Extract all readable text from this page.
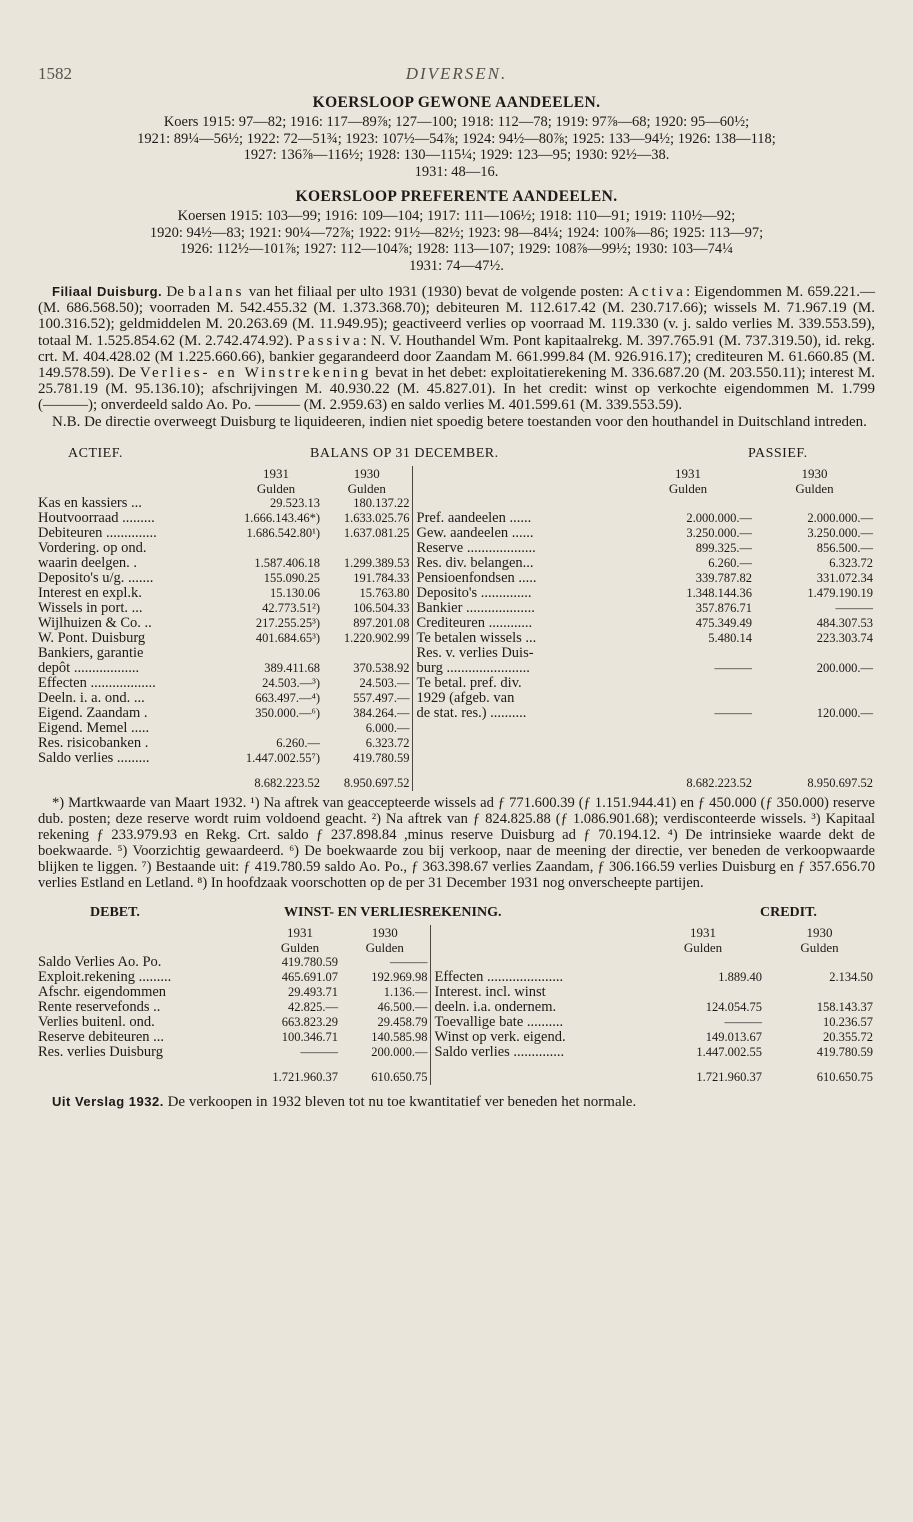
1582	DIVERSEN.
KOERSLOOP GEWONE AANDEELEN.
Koers 1915: 97—82; 1916: 117—89⅞; 127—100; 1918: 112—78; 1919: 97⅞—68; 1920: 95—60½;
1921: 89¼—56½; 1922: 72—51¾; 1923: 107½—54⅞; 1924: 94½—80⅞; 1925: 133—94½; 1926: 138—118;
1927: 136⅞—116½; 1928: 130—115¼; 1929: 123—95; 1930: 92½—38.
1931: 48—16.
KOERSLOOP PREFERENTE AANDEELEN.
Koersen 1915: 103—99; 1916: 109—104; 1917: 111—106½; 1918: 110—91; 1919: 110½—92;
1920: 94½—83; 1921: 90¼—72⅞; 1922: 91½—82½; 1923: 98—84¼; 1924: 100⅞—86; 1925: 113—97;
1926: 112½—101⅞; 1927: 112—104⅞; 1928: 113—107; 1929: 108⅞—99½; 1930: 103—74¼
1931: 74—47½.

Filiaal Duisburg. De balans van het filiaal per ulto 1931 (1930) bevat de volgende posten: Activa: Eigendommen M. 659.221.— (M. 686.568.50); voorraden M. 542.455.32 (M. 1.373.368.70); debiteuren M. 112.617.42 (M. 230.717.66); wissels M. 71.967.19 (M. 100.316.52); geldmiddelen M. 20.263.69 (M. 11.949.95); geactiveerd verlies op voorraad M. 119.330 (v. j. saldo verlies M. 339.553.59), totaal M. 1.525.854.62 (M. 2.742.474.92). Passiva: N. V. Houthandel Wm. Pont kapitaalrekg. M. 397.765.91 (M. 737.319.50), id. rekg. crt. M. 404.428.02 (M 1.225.660.66), bankier gegarandeerd door Zaandam M. 661.999.84 (M. 926.916.17); crediteuren M. 61.660.85 (M. 149.578.59). De Verlies- en Winstrekening bevat in het debet: exploitatierekening M. 336.687.20 (M. 203.550.11); interest M. 25.781.19 (M. 95.136.10); afschrijvingen M. 40.930.22 (M. 45.827.01). In het credit: winst op verkochte eigendommen M. 1.799 (———); onverdeeld saldo Ao. Po. ——— (M. 2.959.63) en saldo verlies M. 401.599.61 (M. 339.553.59).

N.B. De directie overweegt Duisburg te liquideeren, indien niet spoedig betere toestanden voor den houthandel in Duitschland intreden.

ACTIEF.	BALANS OP 31 DECEMBER.	PASSIEF.
	1931	1930		1931	1930
	Gulden	Gulden		Gulden	Gulden
Kas en kassiers ...	29.523.13	180.137.22			
Houtvoorraad .........	1.666.143.46*)	1.633.025.76	Pref. aandeelen ......	2.000.000.—	2.000.000.—
Debiteuren ..............	1.686.542.80¹)	1.637.081.25	Gew. aandeelen ......	3.250.000.—	3.250.000.—
Vordering. op ond.			Reserve ...................	899.325.—	856.500.—
waarin deelgen. .	1.587.406.18	1.299.389.53	Res. div. belangen...	6.260.—	6.323.72
Deposito's u/g. .......	155.090.25	191.784.33	Pensioenfondsen .....	339.787.82	331.072.34
Interest en expl.k.	15.130.06	15.763.80	Deposito's ..............	1.348.144.36	1.479.190.19
Wissels in port. ...	42.773.51²)	106.504.33	Bankier ...................	357.876.71	———
Wijlhuizen & Co. ..	217.255.25³)	897.201.08	Crediteuren ............	475.349.49	484.307.53
W. Pont. Duisburg	401.684.65³)	1.220.902.99	Te betalen wissels ...	5.480.14	223.303.74
Bankiers, garantie			Res. v. verlies Duis-		
depôt ..................	389.411.68	370.538.92	burg .......................	———	200.000.—
Effecten ..................	24.503.—³)	24.503.—	Te betal. pref. div.		
Deeln. i. a. ond. ...	663.497.—⁴)	557.497.—	1929 (afgeb. van		
Eigend. Zaandam .	350.000.—⁶)	384.264.—	de stat. res.) ..........	———	120.000.—
Eigend. Memel .....		6.000.—			
Res. risicobanken .	6.260.—	6.323.72			
Saldo verlies .........	1.447.002.55⁷)	419.780.59			

	8.682.223.52	8.950.697.52		8.682.223.52	8.950.697.52

*) Martkwaarde van Maart 1932. ¹) Na aftrek van geaccepteerde wissels ad ƒ 771.600.39 (ƒ 1.151.944.41) en ƒ 450.000 (ƒ 350.000) reserve dub. posten; deze reserve wordt ruim voldoend geacht. ²) Na aftrek van ƒ 824.825.88 (ƒ 1.086.901.68); verdisconteerde wissels. ³) Kapitaal rekening ƒ 233.979.93 en Rekg. Crt. saldo ƒ 237.898.84 ,minus reserve Duisburg ad ƒ 70.194.12. ⁴) De intrinsieke waarde dekt de boekwaarde. ⁵) Voorzichtig gewaardeerd. ⁶) De boekwaarde zou bij verkoop, naar de meening der directie, ver beneden de verkoopwaarde blijken te liggen. ⁷) Bestaande uit: ƒ 419.780.59 saldo Ao. Po., ƒ 363.398.67 verlies Zaandam, ƒ 306.166.59 verlies Duisburg en ƒ 357.656.70 verlies Estland en Letland. ⁸) In hoofdzaak voorschotten op de per 31 December 1931 nog onverscheepte partijen.

DEBET.	WINST- EN VERLIESREKENING.	CREDIT.
	1931	1930		1931	1930
	Gulden	Gulden		Gulden	Gulden
Saldo Verlies Ao. Po.	419.780.59	———			
Exploit.rekening .........	465.691.07	192.969.98	Effecten .....................	1.889.40	2.134.50
Afschr. eigendommen	29.493.71	1.136.—	Interest. incl. winst		
Rente reservefonds ..	42.825.—	46.500.—	deeln. i.a. ondernem.	124.054.75	158.143.37
Verlies buitenl. ond.	663.823.29	29.458.79	Toevallige bate ..........	———	10.236.57
Reserve debiteuren ...	100.346.71	140.585.98	Winst op verk. eigend.	149.013.67	20.355.72
Res. verlies Duisburg	———	200.000.—	Saldo verlies ..............	1.447.002.55	419.780.59

	1.721.960.37	610.650.75		1.721.960.37	610.650.75

Uit Verslag 1932. De verkoopen in 1932 bleven tot nu toe kwantitatief ver beneden het normale.
